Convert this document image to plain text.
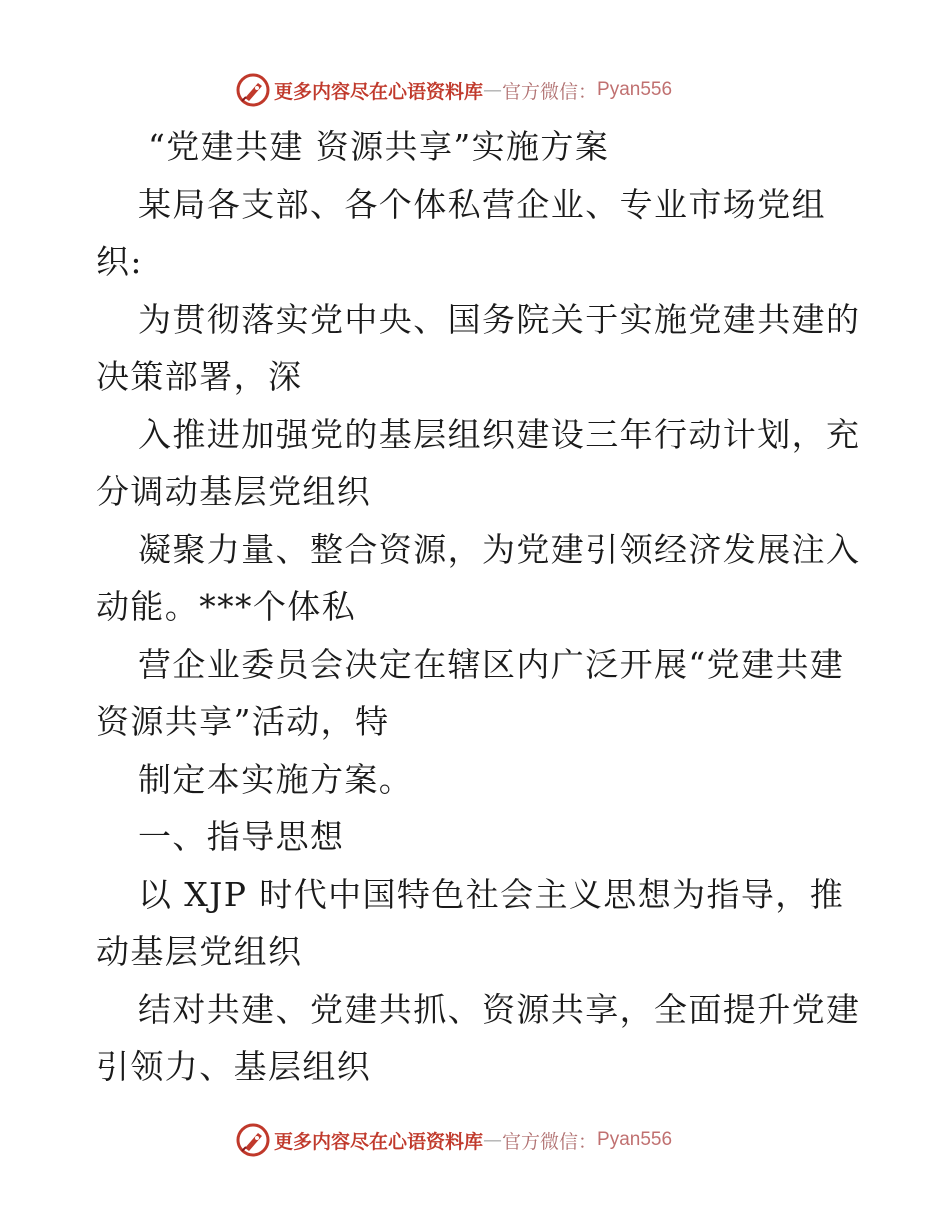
更多内容尽在心语资料库 — 官方微信： Pyan556
“党建共建 资源共享”实施方案
某局各支部、各个体私营企业、专业市场党组
织:
为贯彻落实党中央、国务院关于实施党建共建的
决策部署，深
入推进加强党的基层组织建设三年行动计划，充
分调动基层党组织
凝聚力量、整合资源，为党建引领经济发展注入
动能。***个体私
营企业委员会决定在辖区内广泛开展“党建共建
资源共享”活动，特
制定本实施方案。
一、指导思想
以 XJP 时代中国特色社会主义思想为指导，推
动基层党组织
结对共建、党建共抓、资源共享，全面提升党建
引领力、基层组织
更多内容尽在心语资料库 — 官方微信： Pyan556
